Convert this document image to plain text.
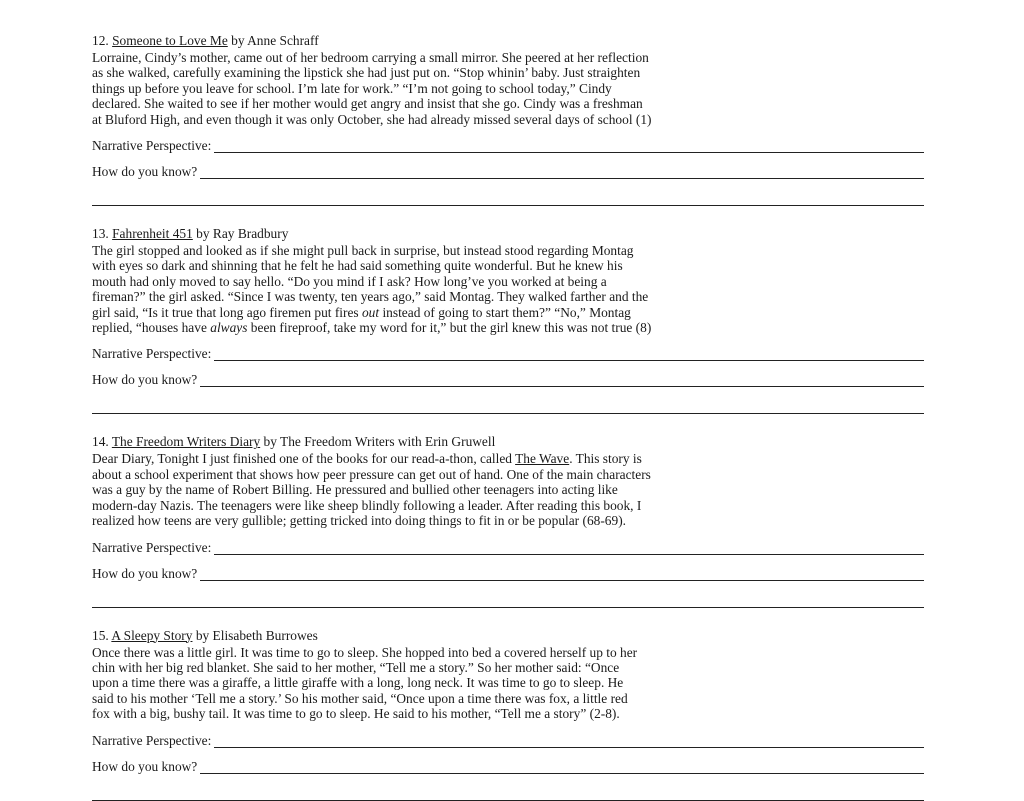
12. Someone to Love Me by Anne Schraff
Lorraine, Cindy’s mother, came out of her bedroom carrying a small mirror. She peered at her reflection
as she walked, carefully examining the lipstick she had just put on. “Stop whinin’ baby. Just straighten
things up before you leave for school. I’m late for work.” “I’m not going to school today,” Cindy
declared. She waited to see if her mother would get angry and insist that she go. Cindy was a freshman
at Bluford High, and even though it was only October, she had already missed several days of school (1)
Narrative Perspective:
How do you know?
13. Fahrenheit 451 by Ray Bradbury
The girl stopped and looked as if she might pull back in surprise, but instead stood regarding Montag
with eyes so dark and shinning that he felt he had said something quite wonderful. But he knew his
mouth had only moved to say hello. “Do you mind if I ask? How long’ve you worked at being a
fireman?” the girl asked. “Since I was twenty, ten years ago,” said Montag. They walked farther and the
girl said, “Is it true that long ago firemen put fires out instead of going to start them?” “No,” Montag
replied, “houses have always been fireproof, take my word for it,” but the girl knew this was not true (8)
Narrative Perspective:
How do you know?
14. The Freedom Writers Diary by The Freedom Writers with Erin Gruwell
Dear Diary, Tonight I just finished one of the books for our read-a-thon, called The Wave. This story is
about a school experiment that shows how peer pressure can get out of hand. One of the main characters
was a guy by the name of Robert Billing. He pressured and bullied other teenagers into acting like
modern-day Nazis. The teenagers were like sheep blindly following a leader. After reading this book, I
realized how teens are very gullible; getting tricked into doing things to fit in or be popular (68-69).
Narrative Perspective:
How do you know?
15. A Sleepy Story by Elisabeth Burrowes
Once there was a little girl. It was time to go to sleep. She hopped into bed a covered herself up to her
chin with her big red blanket. She said to her mother, “Tell me a story.” So her mother said: “Once
upon a time there was a giraffe, a little giraffe with a long, long neck. It was time to go to sleep. He
said to his mother ‘Tell me a story.’ So his mother said, “Once upon a time there was fox, a little red
fox with a big, bushy tail. It was time to go to sleep. He said to his mother, “Tell me a story” (2-8).
Narrative Perspective:
How do you know?
